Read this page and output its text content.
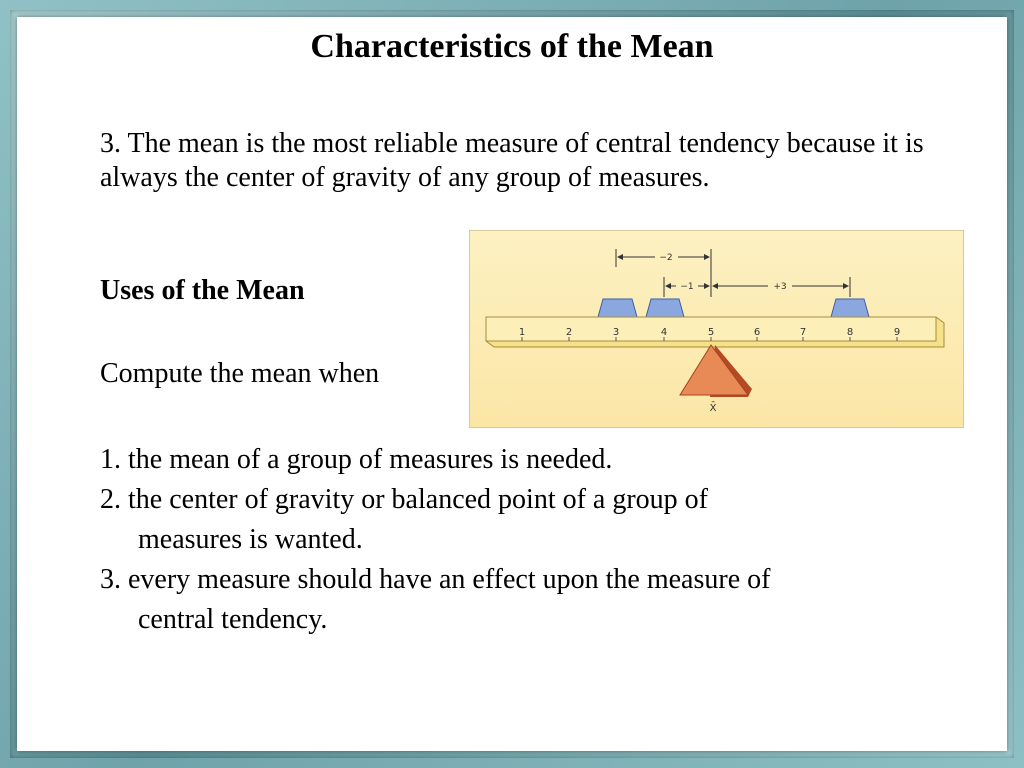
Characteristics of the Mean
3. The mean is the most reliable measure of central tendency because it is always the center of gravity of any group of measures.
Uses of the Mean
Compute the mean when
1. the mean of a group of measures is needed.
2. the center of gravity or balanced point of a group of
measures is wanted.
3. every measure should have an effect upon the measure of
central tendency.
−2
−1	+3
1	2	3	4	5	6	7	8	9
X̄
